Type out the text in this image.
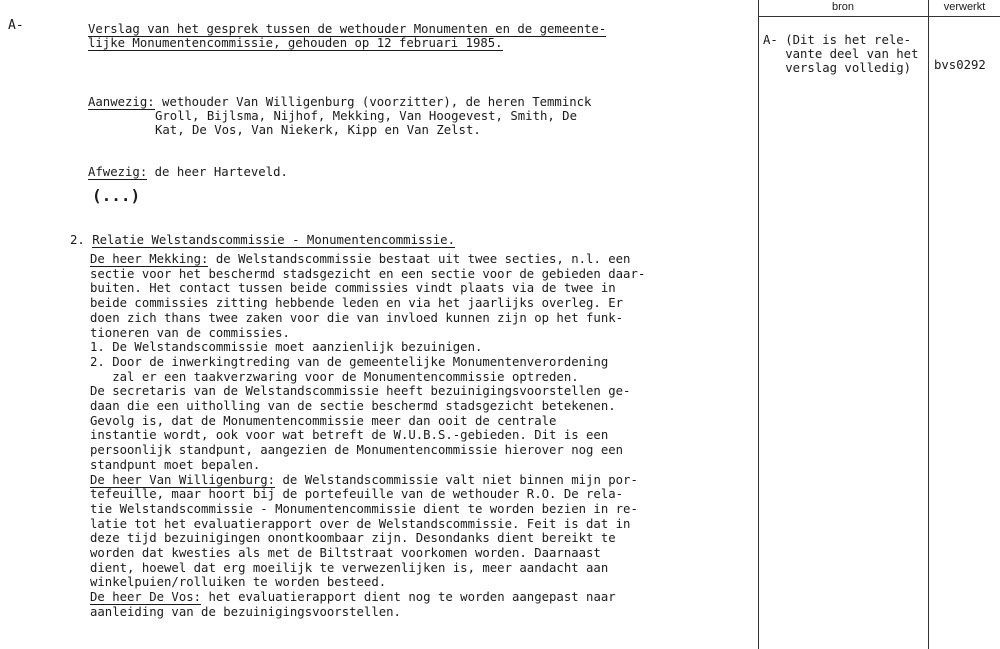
A-	Verslag van het gesprek tussen de wethouder Monumenten en de gemeente-
lijke Monumentencommissie, gehouden op 12 februari 1985.
Aanwezig: wethouder Van Willigenburg (voorzitter), de heren Temminck
Groll, Bijlsma, Nijhof, Mekking, Van Hoogevest, Smith, De
Kat, De Vos, Van Niekerk, Kipp en Van Zelst.
Afwezig: de heer Harteveld.
(...)
2. Relatie Welstandscommissie - Monumentencommissie.
De heer Mekking: de Welstandscommissie bestaat uit twee secties, n.l. een
sectie voor het beschermd stadsgezicht en een sectie voor de gebieden daar-
buiten. Het contact tussen beide commissies vindt plaats via de twee in
beide commissies zitting hebbende leden en via het jaarlijks overleg. Er
doen zich thans twee zaken voor die van invloed kunnen zijn op het funk-
tioneren van de commissies.
1. De Welstandscommissie moet aanzienlijk bezuinigen.
2. Door de inwerkingtreding van de gemeentelijke Monumentenverordening
zal er een taakverzwaring voor de Monumentencommissie optreden.
De secretaris van de Welstandscommissie heeft bezuinigingsvoorstellen ge-
daan die een uitholling van de sectie beschermd stadsgezicht betekenen.
Gevolg is, dat de Monumentencommissie meer dan ooit de centrale
instantie wordt, ook voor wat betreft de W.U.B.S.-gebieden. Dit is een
persoonlijk standpunt, aangezien de Monumentencommissie hierover nog een
standpunt moet bepalen.
De heer Van Willigenburg: de Welstandscommissie valt niet binnen mijn por-
tefeuille, maar hoort bij de portefeuille van de wethouder R.O. De rela-
tie Welstandscommissie - Monumentencommissie dient te worden bezien in re-
latie tot het evaluatierapport over de Welstandscommissie. Feit is dat in
deze tijd bezuinigingen onontkoombaar zijn. Desondanks dient bereikt te
worden dat kwesties als met de Biltstraat voorkomen worden. Daarnaast
dient, hoewel dat erg moeilijk te verwezenlijken is, meer aandacht aan
winkelpuien/rolluiken te worden besteed.
De heer De Vos: het evaluatierapport dient nog te worden aangepast naar
aanleiding van de bezuinigingsvoorstellen.
bron	verwerkt
A- (Dit is het rele-
vante deel van het
verslag volledig) bvs0292
